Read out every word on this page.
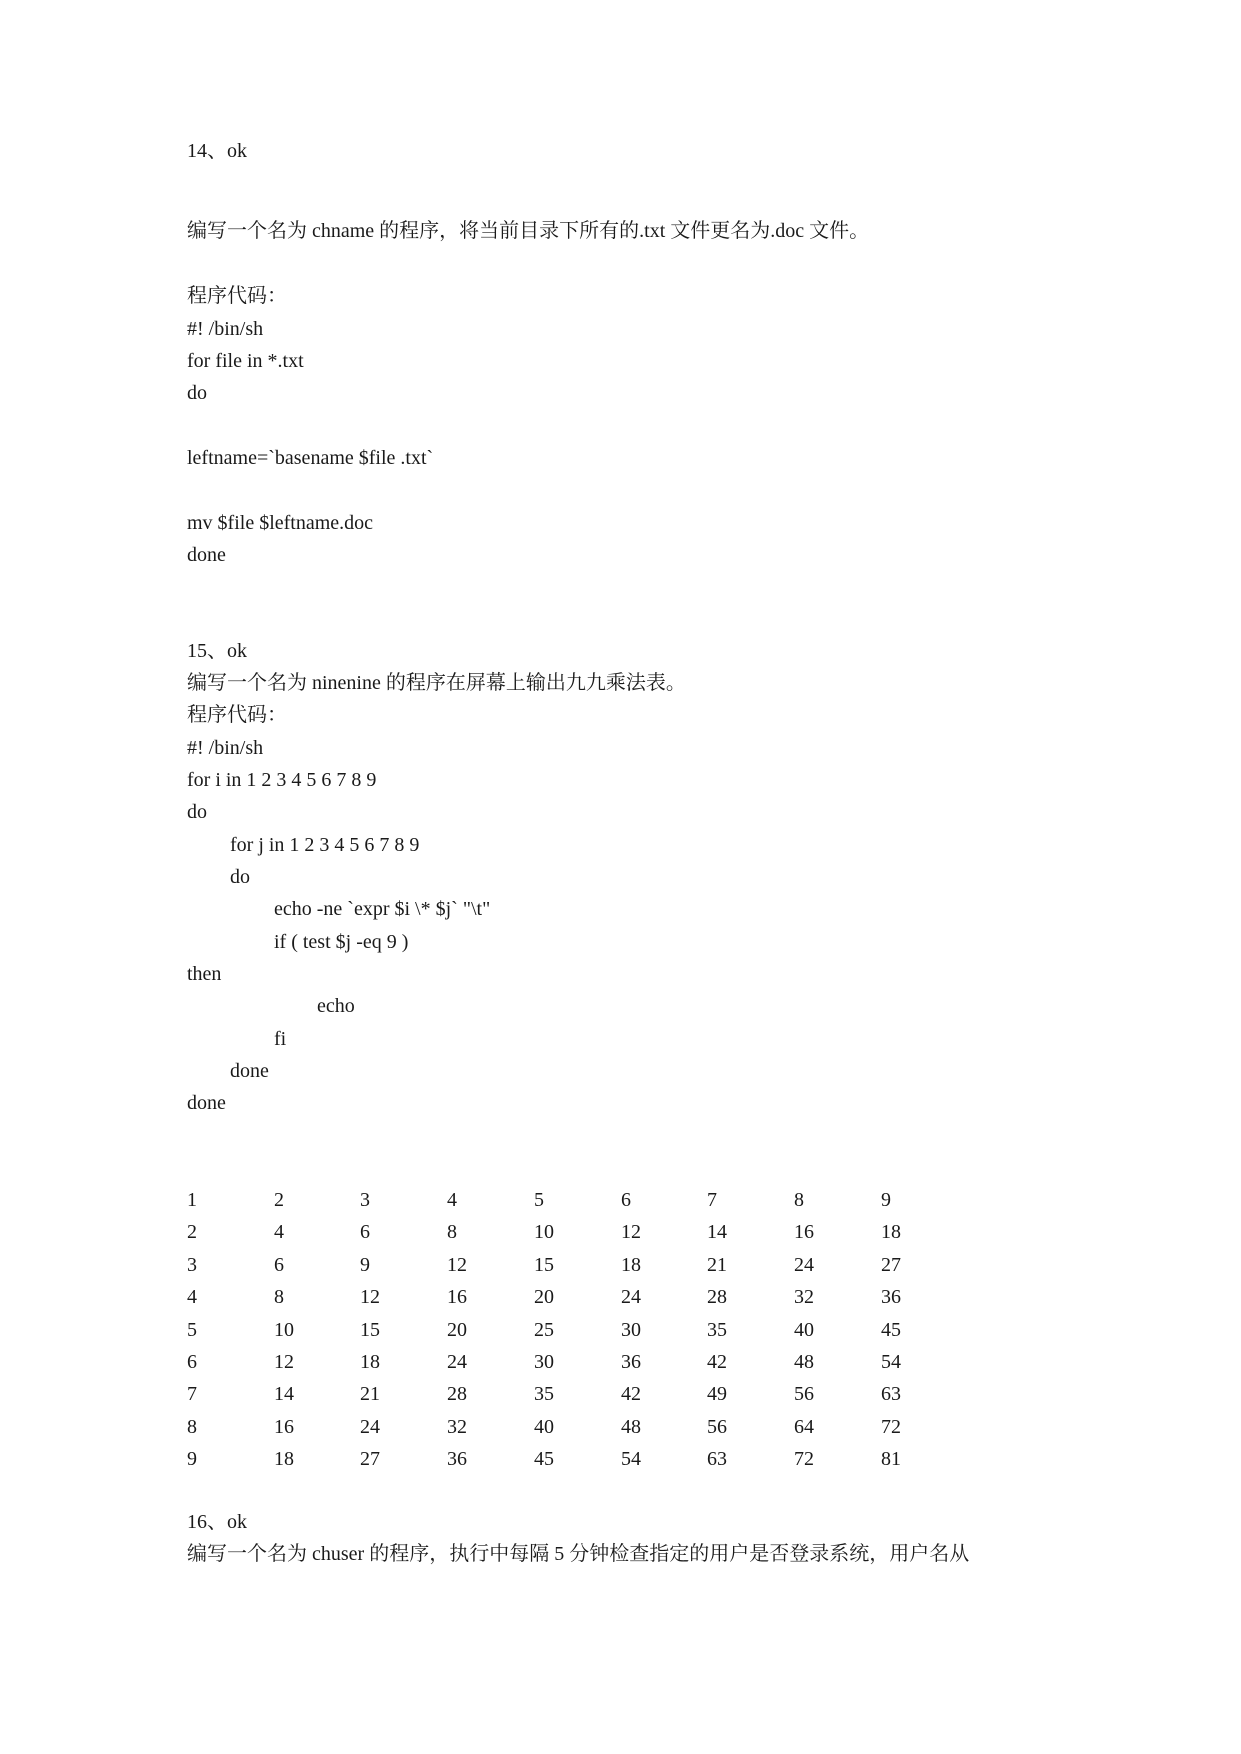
14、ok
编写一个名为 chname 的程序，将当前目录下所有的.txt 文件更名为.doc 文件。
程序代码：
#! /bin/sh
for file in *.txt
do
leftname=`basename $file .txt`
mv $file $leftname.doc
done
15、ok
编写一个名为 ninenine 的程序在屏幕上输出九九乘法表。
程序代码：
#! /bin/sh
for i in 1 2 3 4 5 6 7 8 9
do
for j in 1 2 3 4 5 6 7 8 9
do
echo -ne `expr $i \* $j` "\t"
if ( test $j -eq 9 )
then
echo
fi
done
done
1	2	3	4	5	6	7	8	9
2	4	6	8	10	12	14	16	18
3	6	9	12	15	18	21	24	27
4	8	12	16	20	24	28	32	36
5	10	15	20	25	30	35	40	45
6	12	18	24	30	36	42	48	54
7	14	21	28	35	42	49	56	63
8	16	24	32	40	48	56	64	72
9	18	27	36	45	54	63	72	81
16、ok
编写一个名为 chuser 的程序，执行中每隔 5 分钟检查指定的用户是否登录系统，用户名从
